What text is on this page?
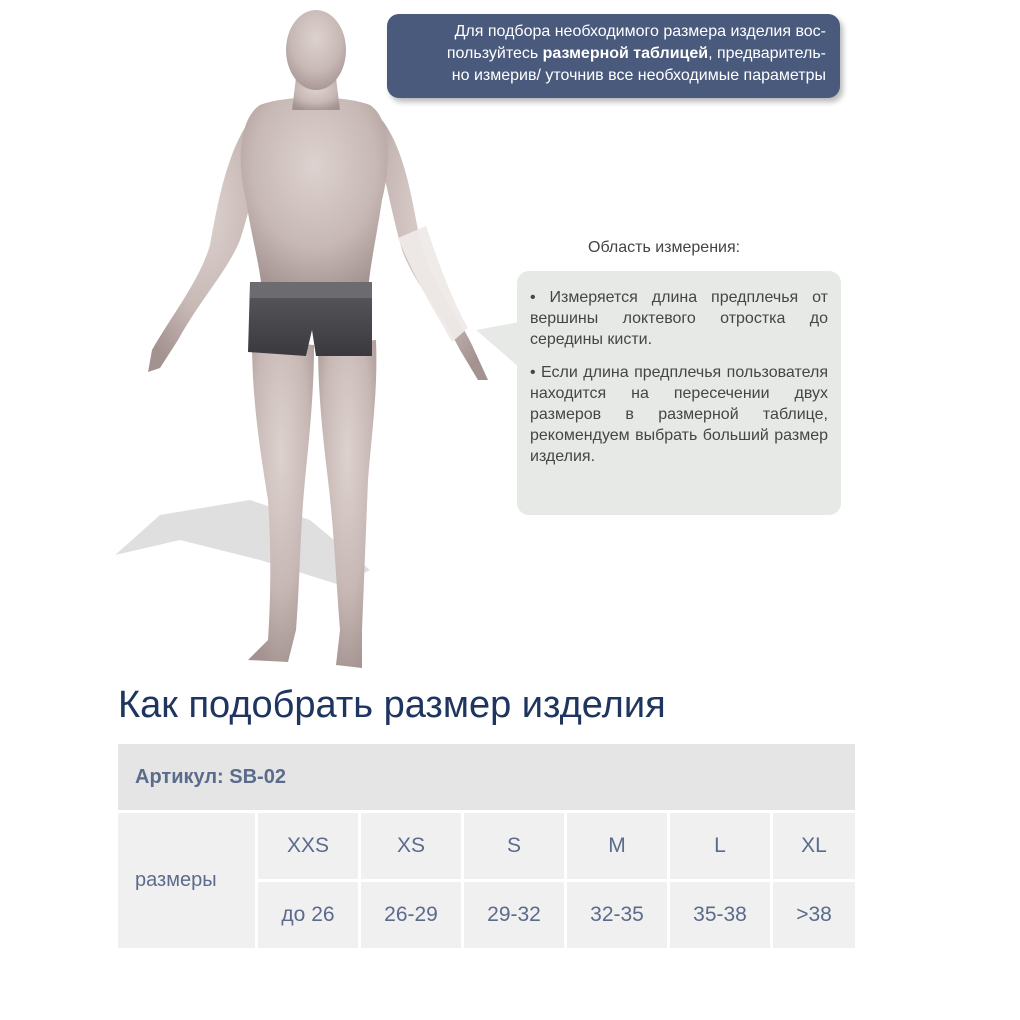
Для подбора необходимого размера изделия вос-
пользуйтесь размерной таблицей, предваритель-
но измерив/ уточнив все необходимые параметры
Область измерения:

• Измеряется длина предплечья от вершины локтевого отростка до середины кисти.

• Если длина предплечья пользователя находится на пересечении двух размеров в размерной таблице, рекомендуем выбрать больший размер изделия.

Как подобрать размер изделия
Артикул: SB-02						

размеры	XXS	XS	S	M	L	XL
	до 26	26-29	29-32	32-35	35-38	>38
